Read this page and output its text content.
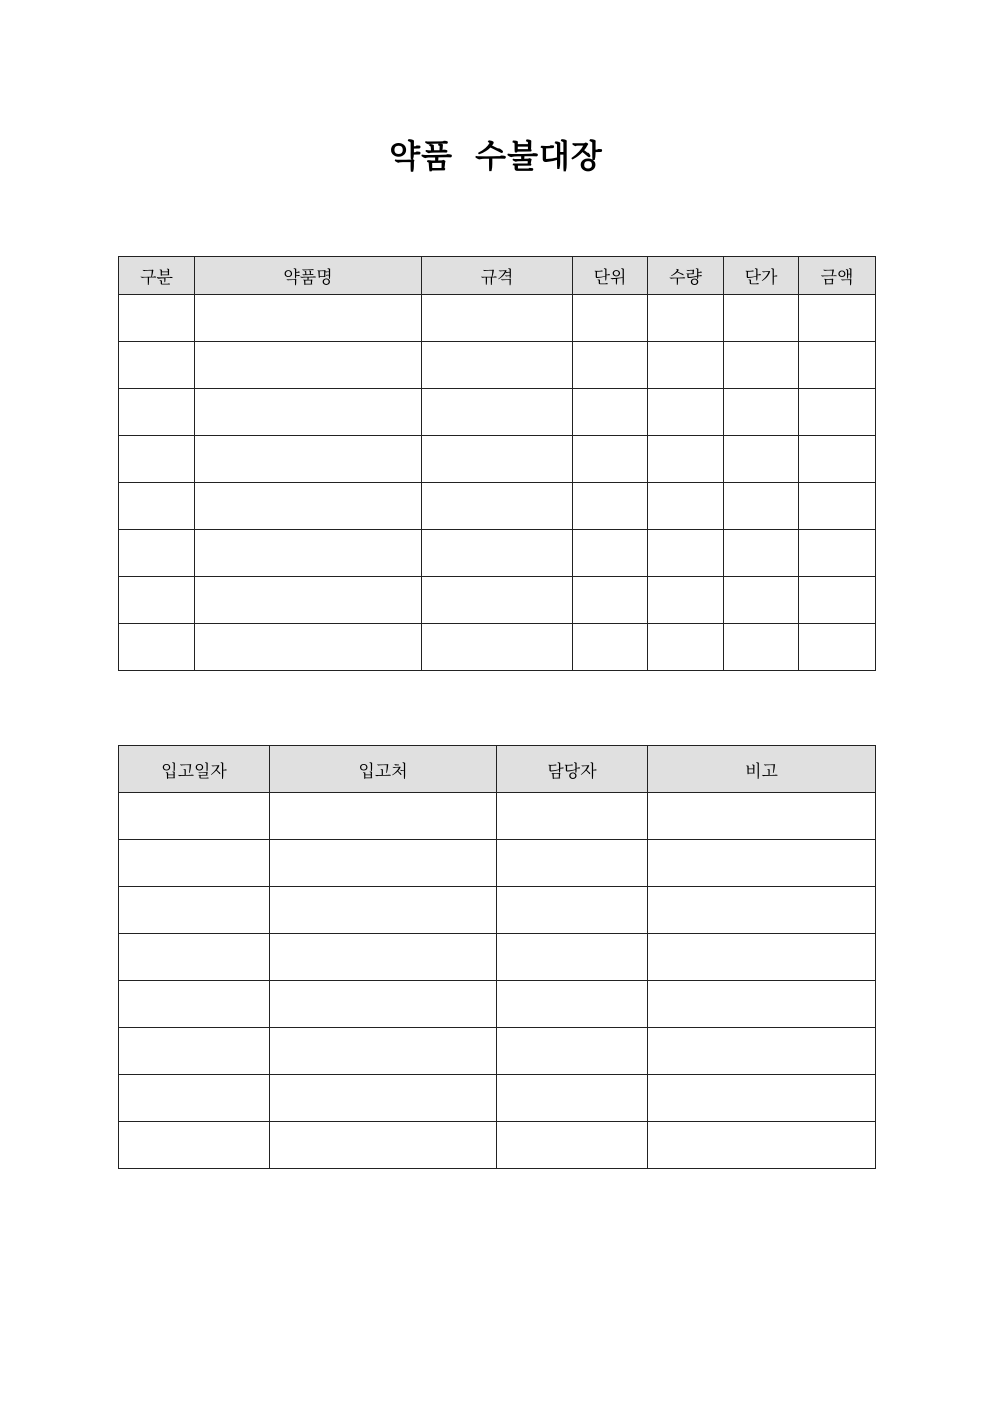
약품 수불대장
구분	약품명	규격	단위	수량	단가	금액

입고일자	입고처	담당자	비고
